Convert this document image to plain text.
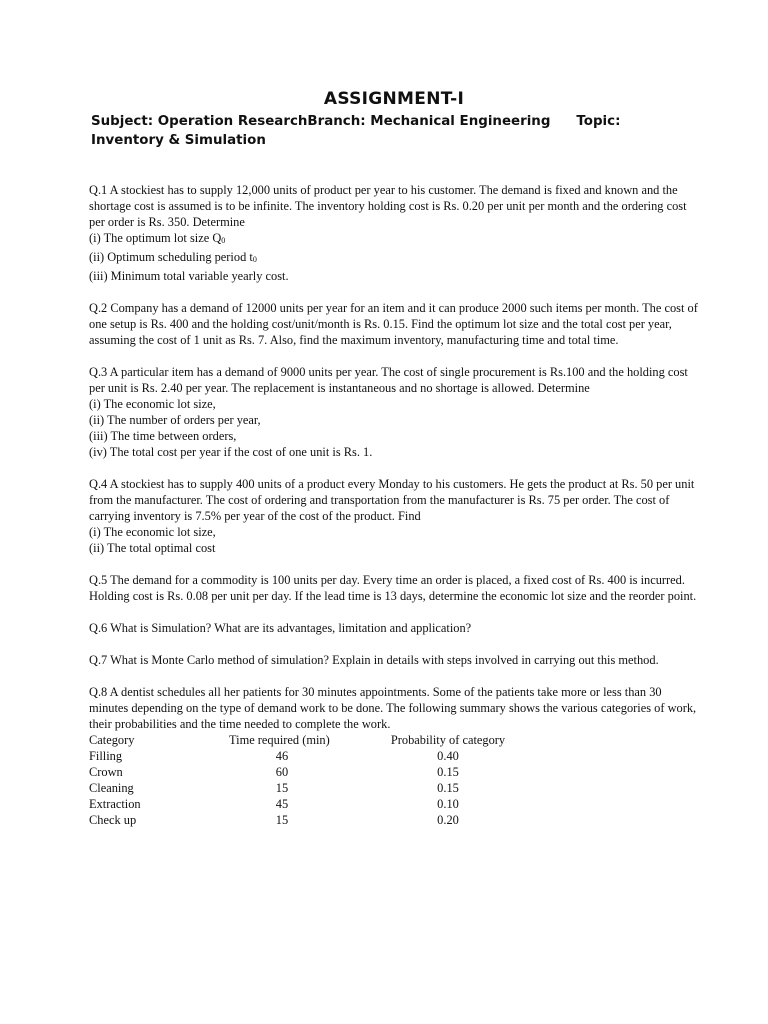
ASSIGNMENT-I
Subject: Operation ResearchBranch: Mechanical Engineering Topic:
Inventory & Simulation

Q.1 A stockiest has to supply 12,000 units of product per year to his customer. The demand is fixed and known and the shortage cost is assumed is to be infinite. The inventory holding cost is Rs. 0.20 per unit per month and the ordering cost per order is Rs. 350. Determine

(i) The optimum lot size $Q_0$
(ii) Optimum scheduling period $t_0$
(iii) Minimum total variable yearly cost.

Q.2 Company has a demand of 12000 units per year for an item and it can produce 2000 such items per month. The cost of one setup is Rs. 400 and the holding cost/unit/month is Rs. 0.15. Find the optimum lot size and the total cost per year, assuming the cost of 1 unit as Rs. 7. Also, find the maximum inventory, manufacturing time and total time.

Q.3 A particular item has a demand of 9000 units per year. The cost of single procurement is Rs.100 and the holding cost per unit is Rs. 2.40 per year. The replacement is instantaneous and no shortage is allowed. Determine

(i) The economic lot size,
(ii) The number of orders per year,
(iii) The time between orders,
(iv) The total cost per year if the cost of one unit is Rs. 1.

Q.4 A stockiest has to supply 400 units of a product every Monday to his customers. He gets the product at Rs. 50 per unit from the manufacturer. The cost of ordering and transportation from the manufacturer is Rs. 75 per order. The cost of carrying inventory is 7.5% per year of the cost of the product. Find

(i) The economic lot size,
(ii) The total optimal cost

Q.5 The demand for a commodity is 100 units per day. Every time an order is placed, a fixed cost of Rs. 400 is incurred. Holding cost is Rs. 0.08 per unit per day. If the lead time is 13 days, determine the economic lot size and the reorder point.

Q.6 What is Simulation? What are its advantages, limitation and application?

Q.7 What is Monte Carlo method of simulation? Explain in details with steps involved in carrying out this method.

Q.8 A dentist schedules all her patients for 30 minutes appointments. Some of the patients take more or less than 30 minutes depending on the type of demand work to be done. The following summary shows the various categories of work, their probabilities and the time needed to complete the work.

Category	Time required (min)	Probability of category
Filling	46	0.40
Crown	60	0.15
Cleaning	15	0.15
Extraction	45	0.10
Check up	15	0.20
